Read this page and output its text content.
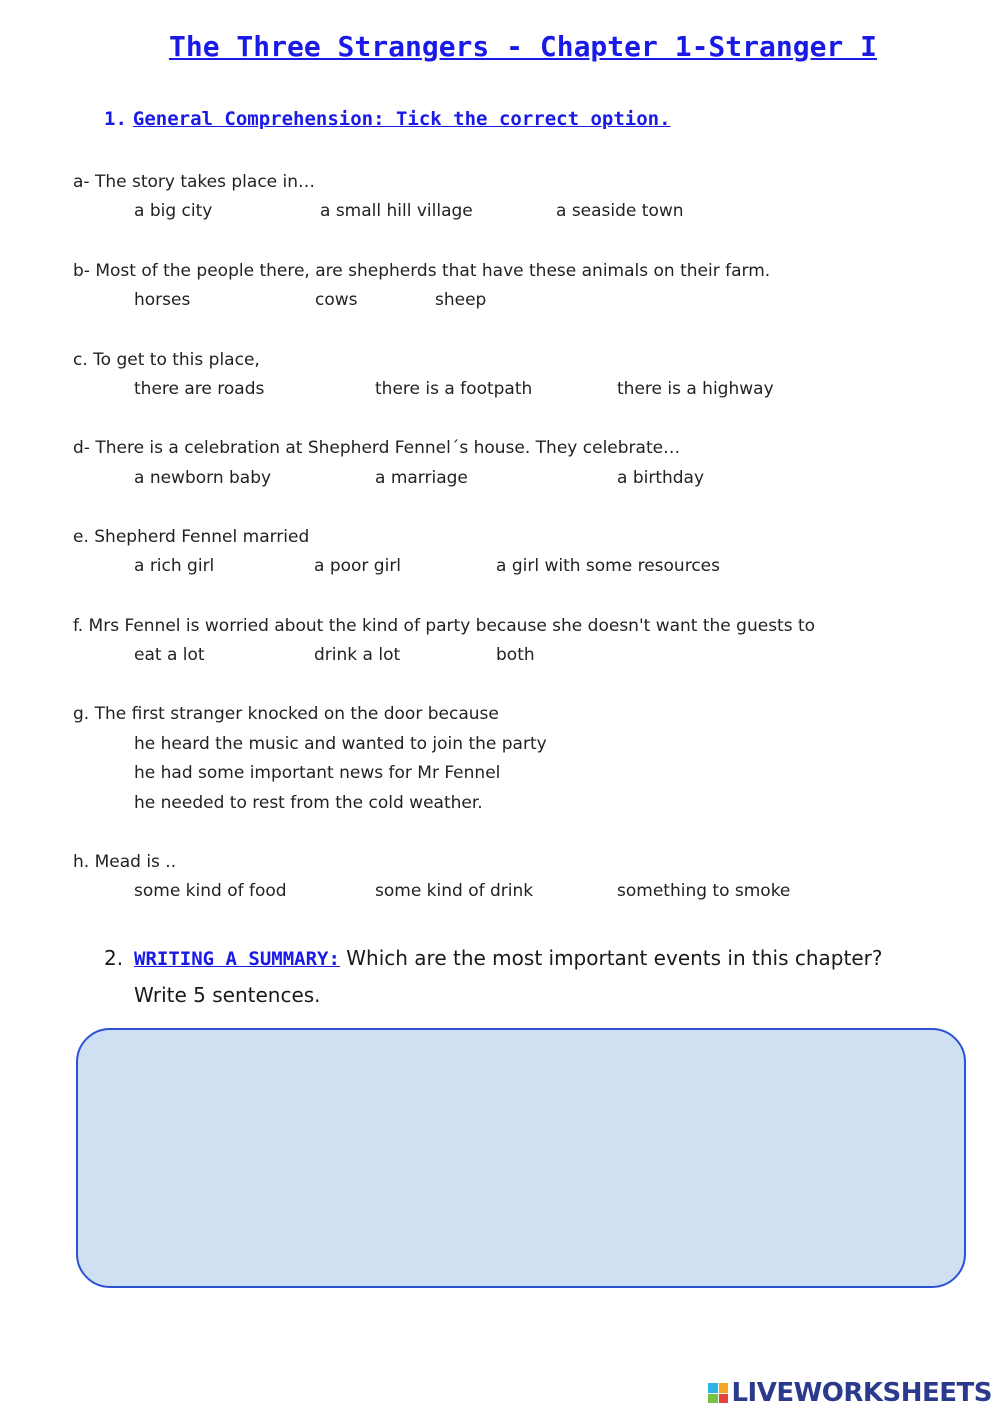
The Three Strangers - Chapter 1-Stranger I
1. General Comprehension: Tick the correct option.
a- The story takes place in…
a big city	a small hill village	a seaside town
b- Most of the people there, are shepherds that have these animals on their farm.
horses	cows	sheep
c. To get to this place,
there are roads	there is a footpath	there is a highway
d- There is a celebration at Shepherd Fennel´s house. They celebrate…
a newborn baby	a marriage	a birthday
e. Shepherd Fennel married
a rich girl	a poor girl	a girl with some resources
f. Mrs Fennel is worried about the kind of party because she doesn't want the guests to
eat a lot	drink a lot	both
g. The first stranger knocked on the door because
he heard the music and wanted to join the party
he had some important news for Mr Fennel
he needed to rest from the cold weather.
h. Mead is ..
some kind of food	some kind of drink	something to smoke
2. WRITING A SUMMARY: Which are the most important events in this chapter?
Write 5 sentences.
LIVEWORKSHEETS
